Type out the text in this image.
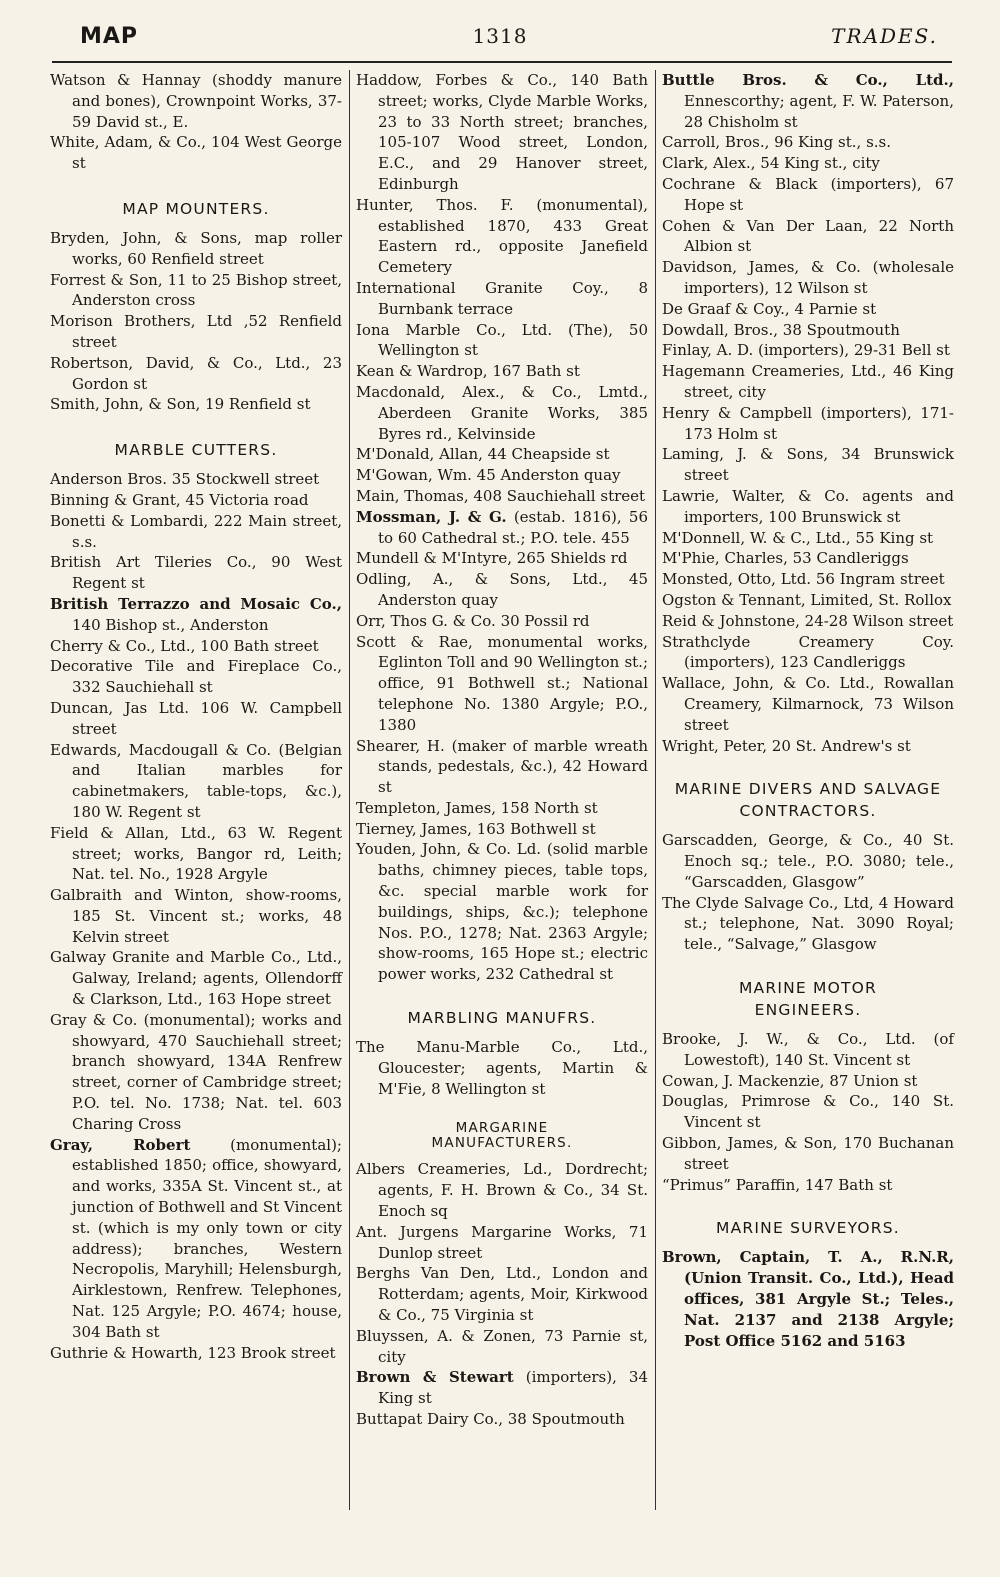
MAP	1318	TRADES.

Watson & Hannay (shoddy manure and bones), Crownpoint Works, 37-59 David st., E.

White, Adam, & Co., 104 West George st

MAP MOUNTERS.

Bryden, John, & Sons, map roller works, 60 Renfield street

Forrest & Son, 11 to 25 Bishop street, Anderston cross

Morison Brothers, Ltd ,52 Renfield street

Robertson, David, & Co., Ltd., 23 Gordon st

Smith, John, & Son, 19 Renfield st

MARBLE CUTTERS.

Anderson Bros. 35 Stockwell street

Binning & Grant, 45 Victoria road

Bonetti & Lombardi, 222 Main street, s.s.

British Art Tileries Co., 90 West Regent st

British Terrazzo and Mosaic Co., 140 Bishop st., Anderston

Cherry & Co., Ltd., 100 Bath street

Decorative Tile and Fireplace Co., 332 Sauchiehall st

Duncan, Jas Ltd. 106 W. Campbell street

Edwards, Macdougall & Co. (Belgian and Italian marbles for cabinetmakers, table-tops, &c.), 180 W. Regent st

Field & Allan, Ltd., 63 W. Regent street; works, Bangor rd, Leith; Nat. tel. No., 1928 Argyle

Galbraith and Winton, show-rooms, 185 St. Vincent st.; works, 48 Kelvin street

Galway Granite and Marble Co., Ltd., Galway, Ireland; agents, Ollendorff & Clarkson, Ltd., 163 Hope street

Gray & Co. (monumental); works and showyard, 470 Sauchiehall street; branch showyard, 134A Renfrew street, corner of Cambridge street; P.O. tel. No. 1738; Nat. tel. 603 Charing Cross

Gray, Robert (monumental); established 1850; office, showyard, and works, 335A St. Vincent st., at junction of Bothwell and St Vincent st. (which is my only town or city address); branches, Western Necropolis, Maryhill; Helensburgh, Airklestown, Renfrew. Telephones, Nat. 125 Argyle; P.O. 4674; house, 304 Bath st

Guthrie & Howarth, 123 Brook street

Haddow, Forbes & Co., 140 Bath street; works, Clyde Marble Works, 23 to 33 North street; branches, 105-107 Wood street, London, E.C., and 29 Hanover street, Edinburgh

Hunter, Thos. F. (monumental), established 1870, 433 Great Eastern rd., opposite Janefield Cemetery

International Granite Coy., 8 Burnbank terrace

Iona Marble Co., Ltd. (The), 50 Wellington st

Kean & Wardrop, 167 Bath st

Macdonald, Alex., & Co., Lmtd., Aberdeen Granite Works, 385 Byres rd., Kelvinside

M'Donald, Allan, 44 Cheapside st

M'Gowan, Wm. 45 Anderston quay

Main, Thomas, 408 Sauchiehall street

Mossman, J. & G. (estab. 1816), 56 to 60 Cathedral st.; P.O. tele. 455

Mundell & M'Intyre, 265 Shields rd

Odling, A., & Sons, Ltd., 45 Anderston quay

Orr, Thos G. & Co. 30 Possil rd

Scott & Rae, monumental works, Eglinton Toll and 90 Wellington st.; office, 91 Bothwell st.; National telephone No. 1380 Argyle; P.O., 1380

Shearer, H. (maker of marble wreath stands, pedestals, &c.), 42 Howard st

Templeton, James, 158 North st

Tierney, James, 163 Bothwell st

Youden, John, & Co. Ld. (solid marble baths, chimney pieces, table tops, &c. special marble work for buildings, ships, &c.); telephone Nos. P.O., 1278; Nat. 2363 Argyle; show-rooms, 165 Hope st.; electric power works, 232 Cathedral st

MARBLING MANUFRS.

The Manu-Marble Co., Ltd., Gloucester; agents, Martin & M'Fie, 8 Wellington st

MARGARINE MANUFACTURERS.

Albers Creameries, Ld., Dordrecht; agents, F. H. Brown & Co., 34 St. Enoch sq

Ant. Jurgens Margarine Works, 71 Dunlop street

Berghs Van Den, Ltd., London and Rotterdam; agents, Moir, Kirkwood & Co., 75 Virginia st

Bluyssen, A. & Zonen, 73 Parnie st, city

Brown & Stewart (importers), 34 King st

Buttapat Dairy Co., 38 Spoutmouth

Buttle Bros. & Co., Ltd., Ennescorthy; agent, F. W. Paterson, 28 Chisholm st

Carroll, Bros., 96 King st., s.s.

Clark, Alex., 54 King st., city

Cochrane & Black (importers), 67 Hope st

Cohen & Van Der Laan, 22 North Albion st

Davidson, James, & Co. (wholesale importers), 12 Wilson st

De Graaf & Coy., 4 Parnie st

Dowdall, Bros., 38 Spoutmouth

Finlay, A. D. (importers), 29-31 Bell st

Hagemann Creameries, Ltd., 46 King street, city

Henry & Campbell (importers), 171-173 Holm st

Laming, J. & Sons, 34 Brunswick street

Lawrie, Walter, & Co. agents and importers, 100 Brunswick st

M'Donnell, W. & C., Ltd., 55 King st

M'Phie, Charles, 53 Candleriggs

Monsted, Otto, Ltd. 56 Ingram street

Ogston & Tennant, Limited, St. Rollox

Reid & Johnstone, 24-28 Wilson street

Strathclyde Creamery Coy. (importers), 123 Candleriggs

Wallace, John, & Co. Ltd., Rowallan Creamery, Kilmarnock, 73 Wilson street

Wright, Peter, 20 St. Andrew's st

MARINE DIVERS AND SALVAGE CONTRACTORS.

Garscadden, George, & Co., 40 St. Enoch sq.; tele., P.O. 3080; tele., “Garscadden, Glasgow”

The Clyde Salvage Co., Ltd, 4 Howard st.; telephone, Nat. 3090 Royal; tele., “Salvage,” Glasgow

MARINE MOTOR ENGINEERS.

Brooke, J. W., & Co., Ltd. (of Lowestoft), 140 St. Vincent st

Cowan, J. Mackenzie, 87 Union st

Douglas, Primrose & Co., 140 St. Vincent st

Gibbon, James, & Son, 170 Buchanan street

“Primus” Paraffin, 147 Bath st

MARINE SURVEYORS.

Brown, Captain, T. A., R.N.R, (Union Transit. Co., Ltd.), Head offices, 381 Argyle St.; Teles., Nat. 2137 and 2138 Argyle; Post Office 5162 and 5163
